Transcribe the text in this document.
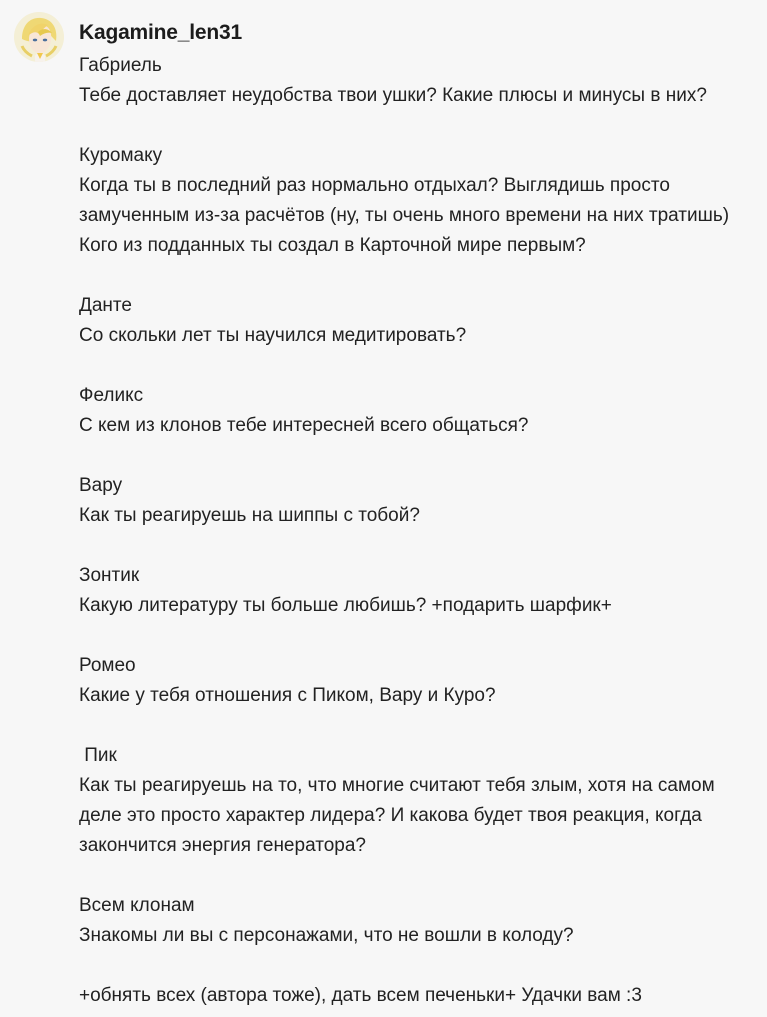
Kagamine_len31
Габриель
Тебе доставляет неудобства твои ушки? Какие плюсы и минусы в них?
Куромаку
Когда ты в последний раз нормально отдыхал? Выглядишь просто
замученным из-за расчётов (ну, ты очень много времени на них тратишь)
Кого из подданных ты создал в Карточной мире первым?
Данте
Со скольки лет ты научился медитировать?
Феликс
С кем из клонов тебе интересней всего общаться?
Вару
Как ты реагируешь на шиппы с тобой?
Зонтик
Какую литературу ты больше любишь? +подарить шарфик+
Ромео
Какие у тебя отношения с Пиком, Вару и Куро?
Пик
Как ты реагируешь на то, что многие считают тебя злым, хотя на самом
деле это просто характер лидера? И какова будет твоя реакция, когда
закончится энергия генератора?
Всем клонам
Знакомы ли вы с персонажами, что не вошли в колоду?
+обнять всех (автора тоже), дать всем печеньки+ Удачки вам :3
